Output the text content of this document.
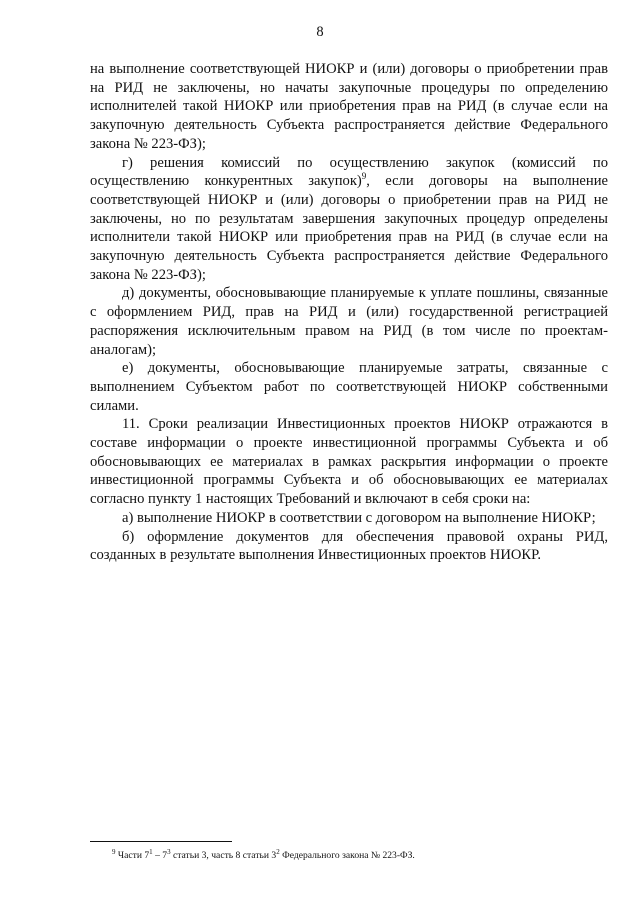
8

на выполнение соответствующей НИОКР и (или) договоры о приобретении прав на РИД не заключены, но начаты закупочные процедуры по определению исполнителей такой НИОКР или приобретения прав на РИД (в случае если на закупочную деятельность Субъекта распространяется действие Федерального закона № 223-ФЗ);

г) решения комиссий по осуществлению закупок (комиссий по осуществлению конкурентных закупок)$^9$, если договоры на выполнение соответствующей НИОКР и (или) договоры о приобретении прав на РИД не заключены, но по результатам завершения закупочных процедур определены исполнители такой НИОКР или приобретения прав на РИД (в случае если на закупочную деятельность Субъекта распространяется действие Федерального закона № 223-ФЗ);

д) документы, обосновывающие планируемые к уплате пошлины, связанные с оформлением РИД, прав на РИД и (или) государственной регистрацией распоряжения исключительным правом на РИД (в том числе по проектам-аналогам);

е) документы, обосновывающие планируемые затраты, связанные с выполнением Субъектом работ по соответствующей НИОКР собственными силами.

11. Сроки реализации Инвестиционных проектов НИОКР отражаются в составе информации о проекте инвестиционной программы Субъекта и об обосновывающих ее материалах в рамках раскрытия информации о проекте инвестиционной программы Субъекта и об обосновывающих ее материалах согласно пункту 1 настоящих Требований и включают в себя сроки на:

а) выполнение НИОКР в соответствии с договором на выполнение НИОКР;

б) оформление документов для обеспечения правовой охраны РИД, созданных в результате выполнения Инвестиционных проектов НИОКР.

$^9$ Части $7^1 - 7^3$ статьи 3, часть 8 статьи $3^2$ Федерального закона № 223-ФЗ.
